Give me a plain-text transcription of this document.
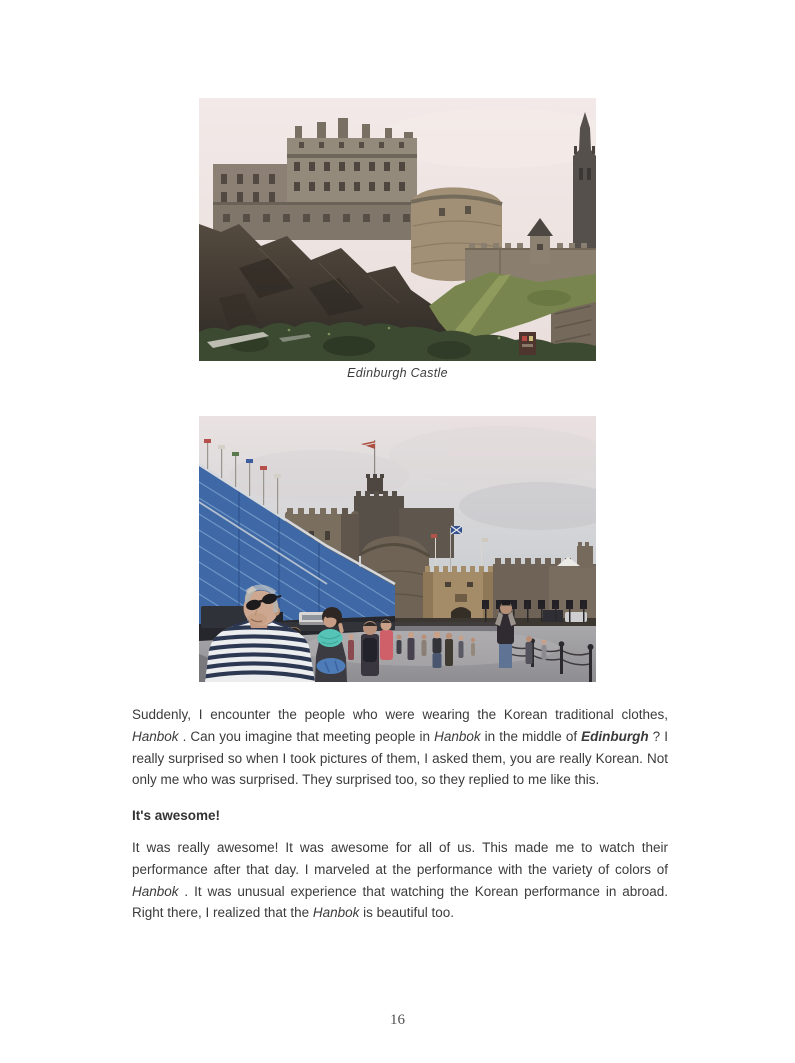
Edinburgh Castle

Suddenly, I encounter the people who were wearing the Korean traditional clothes, Hanbok . Can you imagine that meeting people in Hanbok in the middle of Edinburgh ? I really surprised so when I took pictures of them, I asked them, you are really Korean. Not only me who was surprised. They surprised too, so they replied to me like this.

It's awesome!

It was really awesome! It was awesome for all of us. This made me to watch their performance after that day. I marveled at the performance with the variety of colors of Hanbok . It was unusual experience that watching the Korean performance in abroad. Right there, I realized that the Hanbok is beautiful too.

16
